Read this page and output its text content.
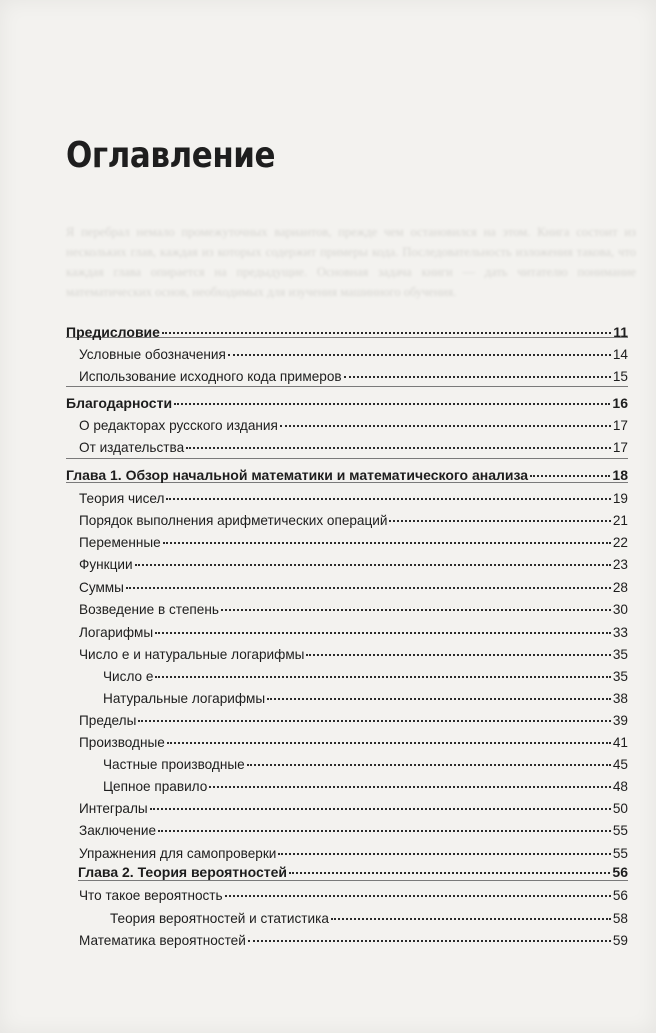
Я перебрал немало промежуточных вариантов, прежде чем остановился на этом. Книга состоит из нескольких глав, каждая из которых содержит примеры кода. Последовательность изложения такова, что каждая глава опирается на предыдущие. Основная задача книги — дать читателю понимание математических основ, необходимых для изучения машинного обучения.
Оглавление
Предисловие	11
Условные обозначения	14
Использование исходного кода примеров	15
Благодарности	16
О редакторах русского издания	17
От издательства	17
Глава 1. Обзор начальной математики и математического анализа	18
Теория чисел	19
Порядок выполнения арифметических операций	21
Переменные	22
Функции	23
Суммы	28
Возведение в степень	30
Логарифмы	33
Число e и натуральные логарифмы	35
Число e	35
Натуральные логарифмы	38
Пределы	39
Производные	41
Частные производные	45
Цепное правило	48
Интегралы	50
Заключение	55
Упражнения для самопроверки	55
Глава 2. Теория вероятностей	56
Что такое вероятность	56
Теория вероятностей и статистика	58
Математика вероятностей	59
